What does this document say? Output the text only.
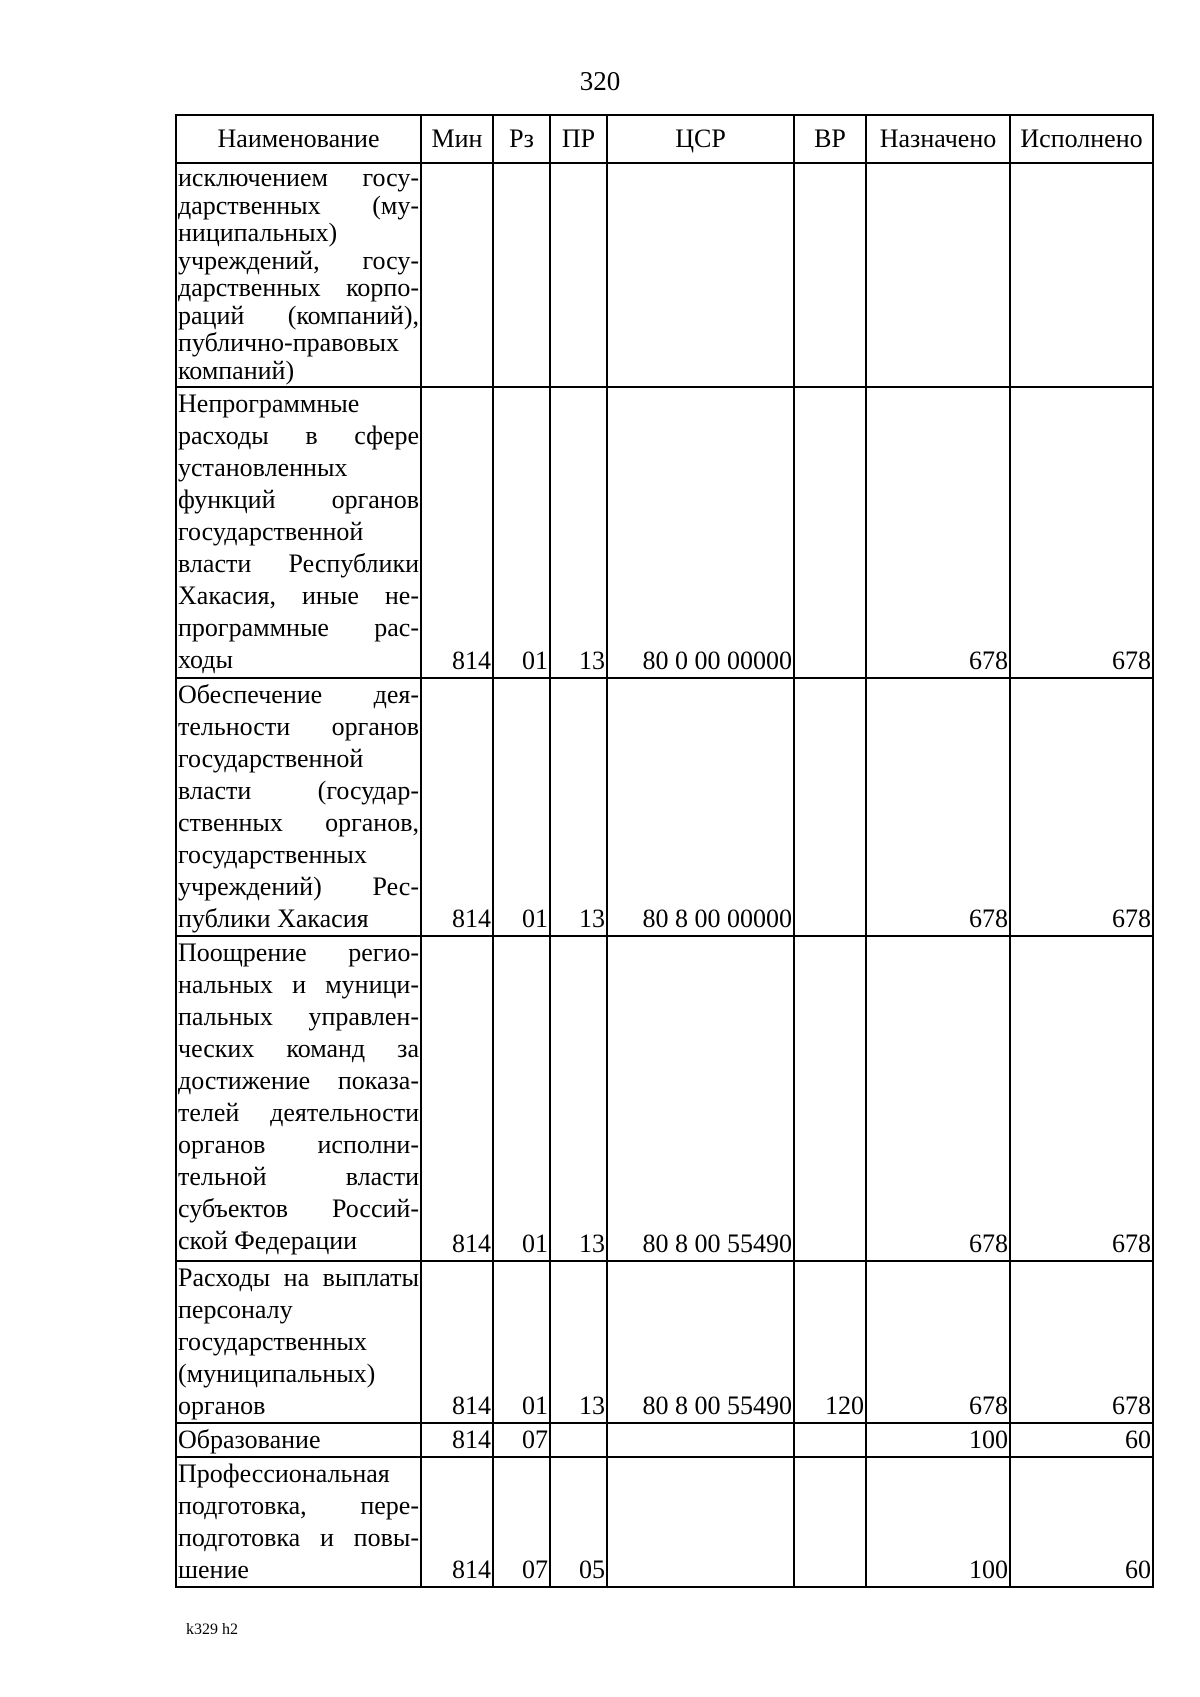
320
Наименование	Мин	Рз	ПР	ЦСР	ВР	Назначено	Исполнено
исключением государственных (муниципальных) учреждений, государственных корпораций (компаний), публично-правовых компаний)							
Непрограммные расходы в сфере установленных функций органов государственной власти Республики Хакасия, иные непрограммные расходы	814	01	13	80 0 00 00000		678	678
Обеспечение деятельности органов государственной власти (государственных органов, государственных учреждений) Республики Хакасия	814	01	13	80 8 00 00000		678	678
Поощрение региональных и муниципальных управленческих команд за достижение показателей деятельности органов исполнительной власти субъектов Российской Федерации	814	01	13	80 8 00 55490		678	678
Расходы на выплаты персоналу государственных (муниципальных) органов	814	01	13	80 8 00 55490	120	678	678
Образование	814	07				100	60
Профессиональная подготовка, переподготовка и повышение	814	07	05			100	60
k329 h2
